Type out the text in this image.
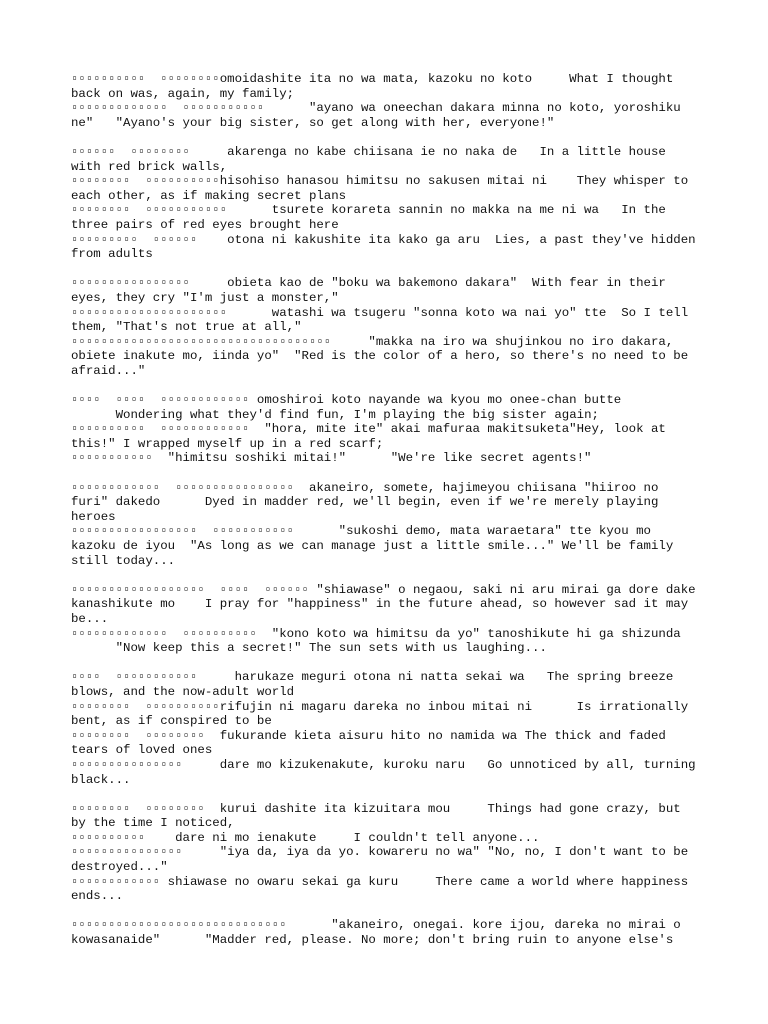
▫▫▫▫▫▫▫▫▫▫  ▫▫▫▫▫▫▫▫omoidashite ita no wa mata, kazoku no koto     What I thought back on was, again, my family;

▫▫▫▫▫▫▫▫▫▫▫▫▫  ▫▫▫▫▫▫▫▫▫▫▫      "ayano wa oneechan dakara minna no koto, yoroshiku ne"   "Ayano's your big sister, so get along with her, everyone!"

▫▫▫▫▫▫  ▫▫▫▫▫▫▫▫     akarenga no kabe chiisana ie no naka de   In a little house with red brick walls,

▫▫▫▫▫▫▫▫  ▫▫▫▫▫▫▫▫▫▫hisohiso hanasou himitsu no sakusen mitai ni    They whisper to each other, as if making secret plans

▫▫▫▫▫▫▫▫  ▫▫▫▫▫▫▫▫▫▫▫      tsurete korareta sannin no makka na me ni wa   In the three pairs of red eyes brought here

▫▫▫▫▫▫▫▫▫  ▫▫▫▫▫▫    otona ni kakushite ita kako ga aru  Lies, a past they've hidden from adults

▫▫▫▫▫▫▫▫▫▫▫▫▫▫▫▫     obieta kao de "boku wa bakemono dakara"  With fear in their eyes, they cry "I'm just a monster,"

▫▫▫▫▫▫▫▫▫▫▫▫▫▫▫▫▫▫▫▫▫      watashi wa tsugeru "sonna koto wa nai yo" tte  So I tell them, "That's not true at all,"

▫▫▫▫▫▫▫▫▫▫▫▫▫▫▫▫▫▫▫▫▫▫▫▫▫▫▫▫▫▫▫▫▫▫▫     "makka na iro wa shujinkou no iro dakara, obiete inakute mo, iinda yo"  "Red is the color of a hero, so there's no need to be afraid..."

▫▫▫▫  ▫▫▫▫  ▫▫▫▫▫▫▫▫▫▫▫▫ omoshiroi koto nayande wa kyou mo onee-chan butte

Wondering what they'd find fun, I'm playing the big sister again;

▫▫▫▫▫▫▫▫▫▫  ▫▫▫▫▫▫▫▫▫▫▫▫  "hora, mite ite" akai mafuraa makitsuketa"Hey, look at this!" I wrapped myself up in a red scarf;

▫▫▫▫▫▫▫▫▫▫▫  "himitsu soshiki mitai!"      "We're like secret agents!"

▫▫▫▫▫▫▫▫▫▫▫▫  ▫▫▫▫▫▫▫▫▫▫▫▫▫▫▫▫  akaneiro, somete, hajimeyou chiisana "hiiroo no furi" dakedo      Dyed in madder red, we'll begin, even if we're merely playing heroes

▫▫▫▫▫▫▫▫▫▫▫▫▫▫▫▫▫  ▫▫▫▫▫▫▫▫▫▫▫      "sukoshi demo, mata waraetara" tte kyou mo kazoku de iyou  "As long as we can manage just a little smile..." We'll be family still today...

▫▫▫▫▫▫▫▫▫▫▫▫▫▫▫▫▫▫  ▫▫▫▫  ▫▫▫▫▫▫ "shiawase" o negaou, saki ni aru mirai ga dore dake kanashikute mo    I pray for "happiness" in the future ahead, so however sad it may be...

▫▫▫▫▫▫▫▫▫▫▫▫▫  ▫▫▫▫▫▫▫▫▫▫  "kono koto wa himitsu da yo" tanoshikute hi ga shizunda

"Now keep this a secret!" The sun sets with us laughing...

▫▫▫▫  ▫▫▫▫▫▫▫▫▫▫▫     harukaze meguri otona ni natta sekai wa   The spring breeze blows, and the now-adult world

▫▫▫▫▫▫▫▫  ▫▫▫▫▫▫▫▫▫▫rifujin ni magaru dareka no inbou mitai ni      Is irrationally bent, as if conspired to be

▫▫▫▫▫▫▫▫  ▫▫▫▫▫▫▫▫  fukurande kieta aisuru hito no namida wa The thick and faded tears of loved ones

▫▫▫▫▫▫▫▫▫▫▫▫▫▫▫     dare mo kizukenakute, kuroku naru   Go unnoticed by all, turning black...

▫▫▫▫▫▫▫▫  ▫▫▫▫▫▫▫▫  kurui dashite ita kizuitara mou     Things had gone crazy, but by the time I noticed,

▫▫▫▫▫▫▫▫▫▫    dare ni mo ienakute     I couldn't tell anyone...

▫▫▫▫▫▫▫▫▫▫▫▫▫▫▫     "iya da, iya da yo. kowareru no wa" "No, no, I don't want to be destroyed..."

▫▫▫▫▫▫▫▫▫▫▫▫ shiawase no owaru sekai ga kuru     There came a world where happiness ends...

▫▫▫▫▫▫▫▫▫▫▫▫▫▫▫▫▫▫▫▫▫▫▫▫▫▫▫▫▫      "akaneiro, onegai. kore ijou, dareka no mirai o kowasanaide"      "Madder red, please. No more; don't bring ruin to anyone else's
